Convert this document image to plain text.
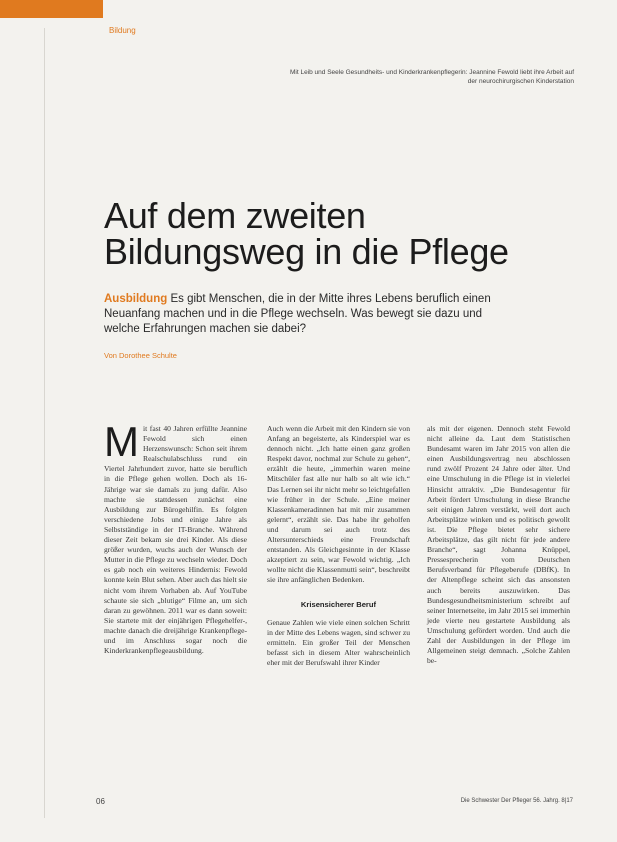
Bildung
Mit Leib und Seele Gesundheits- und Kinderkrankenpflegerin: Jeannine Fewold liebt ihre Arbeit auf der neurochirurgischen Kinderstation
Auf dem zweiten Bildungsweg in die Pflege
Ausbildung Es gibt Menschen, die in der Mitte ihres Lebens beruflich einen Neuanfang machen und in die Pflege wechseln. Was bewegt sie dazu und welche Erfahrungen machen sie dabei?
Von Dorothee Schulte
M it fast 40 Jahren erfüllte Jeannine Fewold sich einen Herzenswunsch: Schon seit ihrem Realschulabschluss rund ein Viertel Jahrhundert zuvor, hatte sie beruflich in die Pflege gehen wollen. Doch als 16-Jährige war sie damals zu jung dafür. Also machte sie stattdessen zunächst eine Ausbildung zur Bürogehilfin. Es folgten verschiedene Jobs und einige Jahre als Selbstständige in der IT-Branche. Während dieser Zeit bekam sie drei Kinder. Als diese größer wurden, wuchs auch der Wunsch der Mutter in die Pflege zu wechseln wieder. Doch es gab noch ein weiteres Hindernis: Fewold konnte kein Blut sehen. Aber auch das hielt sie nicht vom ihrem Vorhaben ab. Auf YouTube schaute sie sich „blutige“ Filme an, um sich daran zu gewöhnen. 2011 war es dann soweit: Sie startete mit der einjährigen Pflegehelfer-, machte danach die dreijährige Krankenpflege- und im Anschluss sogar noch die Kinderkrankenpflegeausbildung.

Auch wenn die Arbeit mit den Kindern sie von Anfang an begeisterte, als Kinderspiel war es dennoch nicht. „Ich hatte einen ganz großen Respekt davor, nochmal zur Schule zu gehen“, erzählt die heute, „immerhin waren meine Mitschüler fast alle nur halb so alt wie ich.“ Das Lernen sei ihr nicht mehr so leichtgefallen wie früher in der Schule. „Eine meiner Klassenkameradinnen hat mit mir zusammen gelernt“, erzählt sie. Das habe ihr geholfen und darum sei auch trotz des Altersunterschieds eine Freundschaft entstanden. Als Gleichgesinnte in der Klasse akzeptiert zu sein, war Fewold wichtig. „Ich wollte nicht die Klassenmutti sein“, beschreibt sie ihre anfänglichen Bedenken.

Krisensicherer Beruf

Genaue Zahlen wie viele einen solchen Schritt in der Mitte des Lebens wagen, sind schwer zu ermitteln. Ein großer Teil der Menschen befasst sich in diesem Alter wahrscheinlich eher mit der Berufswahl ihrer Kinder

als mit der eigenen. Dennoch steht Fewold nicht alleine da. Laut dem Statistischen Bundesamt waren im Jahr 2015 von allen die einen Ausbildungsvertrag neu abschlossen rund zwölf Prozent 24 Jahre oder älter. Und eine Umschulung in die Pflege ist in vielerlei Hinsicht attraktiv. „Die Bundesagentur für Arbeit fördert Umschulung in diese Branche seit einigen Jahren verstärkt, weil dort auch Arbeitsplätze winken und es politisch gewollt ist. Die Pflege bietet sehr sichere Arbeitsplätze, das gilt nicht für jede andere Branche“, sagt Johanna Knüppel, Pressesprecherin vom Deutschen Berufsverband für Pflegeberufe (DBfK). In der Altenpflege scheint sich das ansonsten auch bereits auszuwirken. Das Bundesgesundheitsministerium schreibt auf seiner Internetseite, im Jahr 2015 sei immerhin jede vierte neu gestartete Ausbildung als Umschulung gefördert worden. Und auch die Zahl der Ausbildungen in der Pflege im Allgemeinen steigt demnach. „Solche Zahlen be-

06	Die Schwester Der Pfleger 56. Jahrg. 8|17
